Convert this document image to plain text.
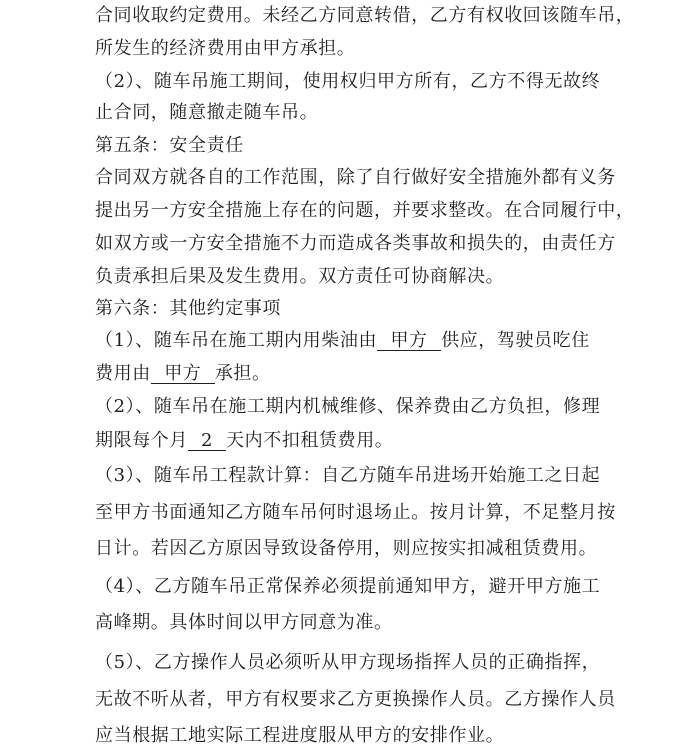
合同收取约定费用。未经乙方同意转借，乙方有权收回该随车吊，
所发生的经济费用由甲方承担。
（2）、随车吊施工期间，使用权归甲方所有，乙方不得无故终
止合同，随意撤走随车吊。
第五条：安全责任
合同双方就各自的工作范围，除了自行做好安全措施外都有义务
提出另一方安全措施上存在的问题，并要求整改。在合同履行中，
如双方或一方安全措施不力而造成各类事故和损失的，由责任方
负责承担后果及发生费用。双方责任可协商解决。
第六条：其他约定事项
（1）、随车吊在施工期内用柴油由 甲方 供应，驾驶员吃住
费用由 甲方 承担。
（2）、随车吊在施工期内机械维修、保养费由乙方负担，修理
期限每个月 2 天内不扣租赁费用。
（3）、随车吊工程款计算：自乙方随车吊进场开始施工之日起
至甲方书面通知乙方随车吊何时退场止。按月计算，不足整月按
日计。若因乙方原因导致设备停用，则应按实扣减租赁费用。
（4）、乙方随车吊正常保养必须提前通知甲方，避开甲方施工
高峰期。具体时间以甲方同意为准。
（5）、乙方操作人员必须听从甲方现场指挥人员的正确指挥，
无故不听从者，甲方有权要求乙方更换操作人员。乙方操作人员
应当根据工地实际工程进度服从甲方的安排作业。
